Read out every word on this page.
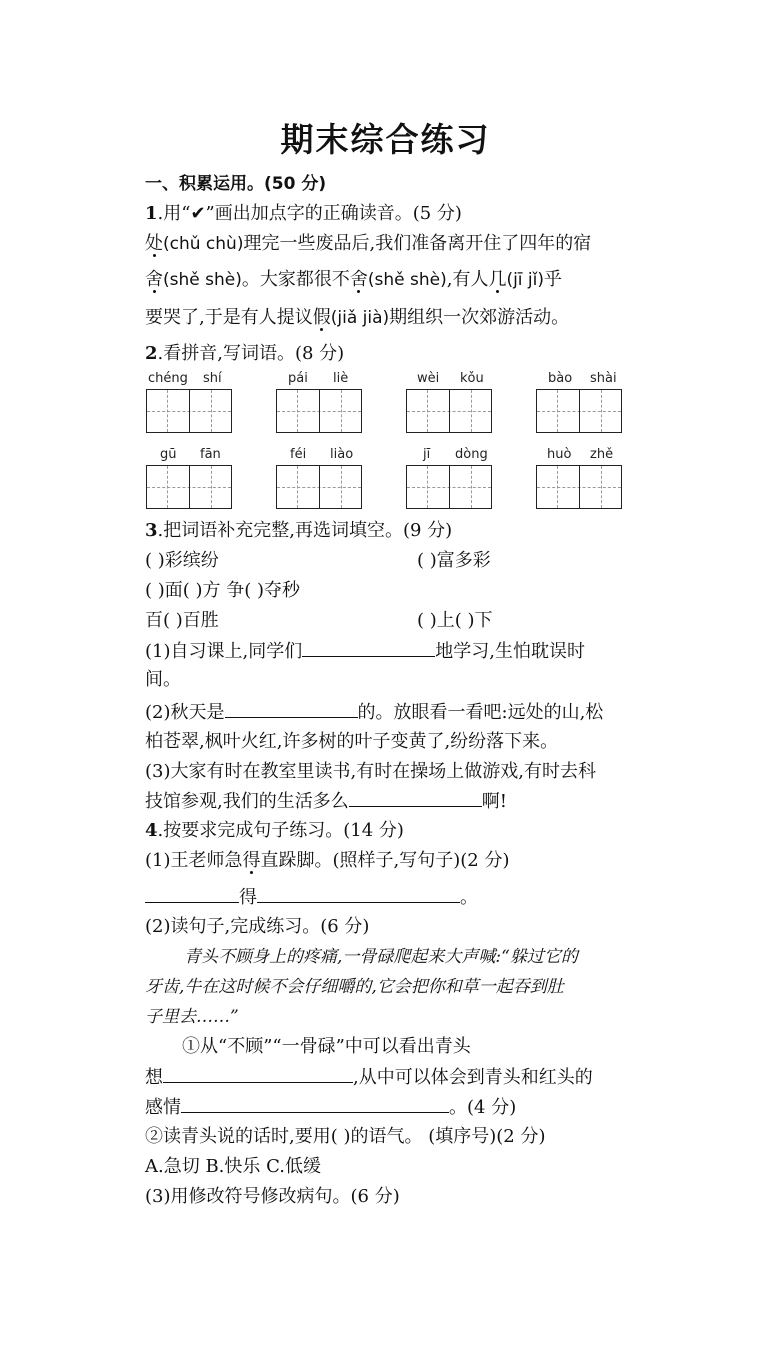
期末综合练习
一、积累运用。(50 分)
1.用“✔”画出加点字的正确读音。(5 分)
处(chǔ chù)理完一些废品后,我们准备离开住了四年的宿
舍(shě shè)。大家都很不舍(shě shè),有人几(jī jǐ)乎
要哭了,于是有人提议假(jiǎ jià)期组织一次郊游活动。
2.看拼音,写词语。(8 分)
chéng shí	pái liè	wèi kǒu	bào shài
gū fān	féi liào	jī dòng	huò zhě
3.把词语补充完整,再选词填空。(9 分)
( )彩缤纷	( )富多彩
( )面( )方 争( )夺秒
百( )百胜	( )上( )下
(1)自习课上,同学们	地学习,生怕耽误时
间。
(2)秋天是	的。放眼看一看吧:远处的山,松
柏苍翠,枫叶火红,许多树的叶子变黄了,纷纷落下来。
(3)大家有时在教室里读书,有时在操场上做游戏,有时去科
技馆参观,我们的生活多么	啊!
4.按要求完成句子练习。(14 分)
(1)王老师急得直跺脚。(照样子,写句子)(2 分)
得	。
(2)读句子,完成练习。(6 分)
青头不顾身上的疼痛,一骨碌爬起来大声喊:“躲过它的
牙齿,牛在这时候不会仔细嚼的,它会把你和草一起吞到肚
子里去……”
①从“不顾”“一骨碌”中可以看出青头
想	,从中可以体会到青头和红头的
感情	。(4 分)
②读青头说的话时,要用( )的语气。 (填序号)(2 分)
A.急切 B.快乐 C.低缓
(3)用修改符号修改病句。(6 分)
